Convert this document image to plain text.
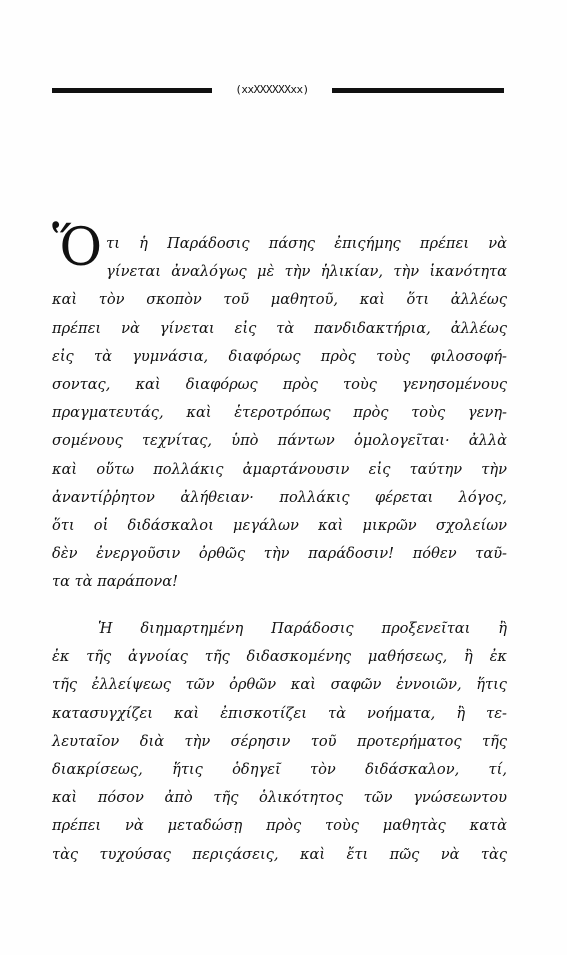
(xxXXXXXXxx)
Ὅ τι ἡ Παράδοσις πάσης ἐπιςήμης πρέπει νὰ
γίνεται ἀναλόγως μὲ τὴν ἡλικίαν, τὴν ἱκανότητα
καὶ τὸν σκοπὸν τοῦ μαθητοῦ, καὶ ὅτι ἀλλέως
πρέπει νὰ γίνεται εἰς τὰ πανδιδακτήρια, ἀλλέως
εἰς τὰ γυμνάσια, διαφόρως πρὸς τοὺς φιλοσοφή-
σοντας, καὶ διαφόρως πρὸς τοὺς γενησομένους
πραγματευτάς, καὶ ἑτεροτρόπως πρὸς τοὺς γενη-
σομένους τεχνίτας, ὑπὸ πάντων ὁμολογεῖται· ἀλλὰ
καὶ οὕτω πολλάκις ἀμαρτάνουσιν εἰς ταύτην τὴν
ἀναντίῤῥητον ἀλήθειαν· πολλάκις φέρεται λόγος,
ὅτι οἱ διδάσκαλοι μεγάλων καὶ μικρῶν σχολείων
δὲν ἐνεργοῦσιν ὀρθῶς τὴν παράδοσιν! πόθεν ταῦ-
τα τὰ παράπονα!
Ἡ διημαρτημένη Παράδοσις προξενεῖται ἢ
ἐκ τῆς ἀγνοίας τῆς διδασκομένης μαθήσεως, ἢ ἐκ
τῆς ἐλλείψεως τῶν ὀρθῶν καὶ σαφῶν ἐννοιῶν, ἥτις
κατασυγχίζει καὶ ἐπισκοτίζει τὰ νοήματα, ἢ τε-
λευταῖον διὰ τὴν σέρησιν τοῦ προτερήματος τῆς
διακρίσεως, ἥτις ὁδηγεῖ τὸν διδάσκαλον, τί,
καὶ πόσον ἀπὸ τῆς ὁλικότητος τῶν γνώσεωντου
πρέπει νὰ μεταδώσῃ πρὸς τοὺς μαθητὰς κατὰ
τὰς τυχούσας περιςάσεις, καὶ ἔτι πῶς νὰ τὰς
